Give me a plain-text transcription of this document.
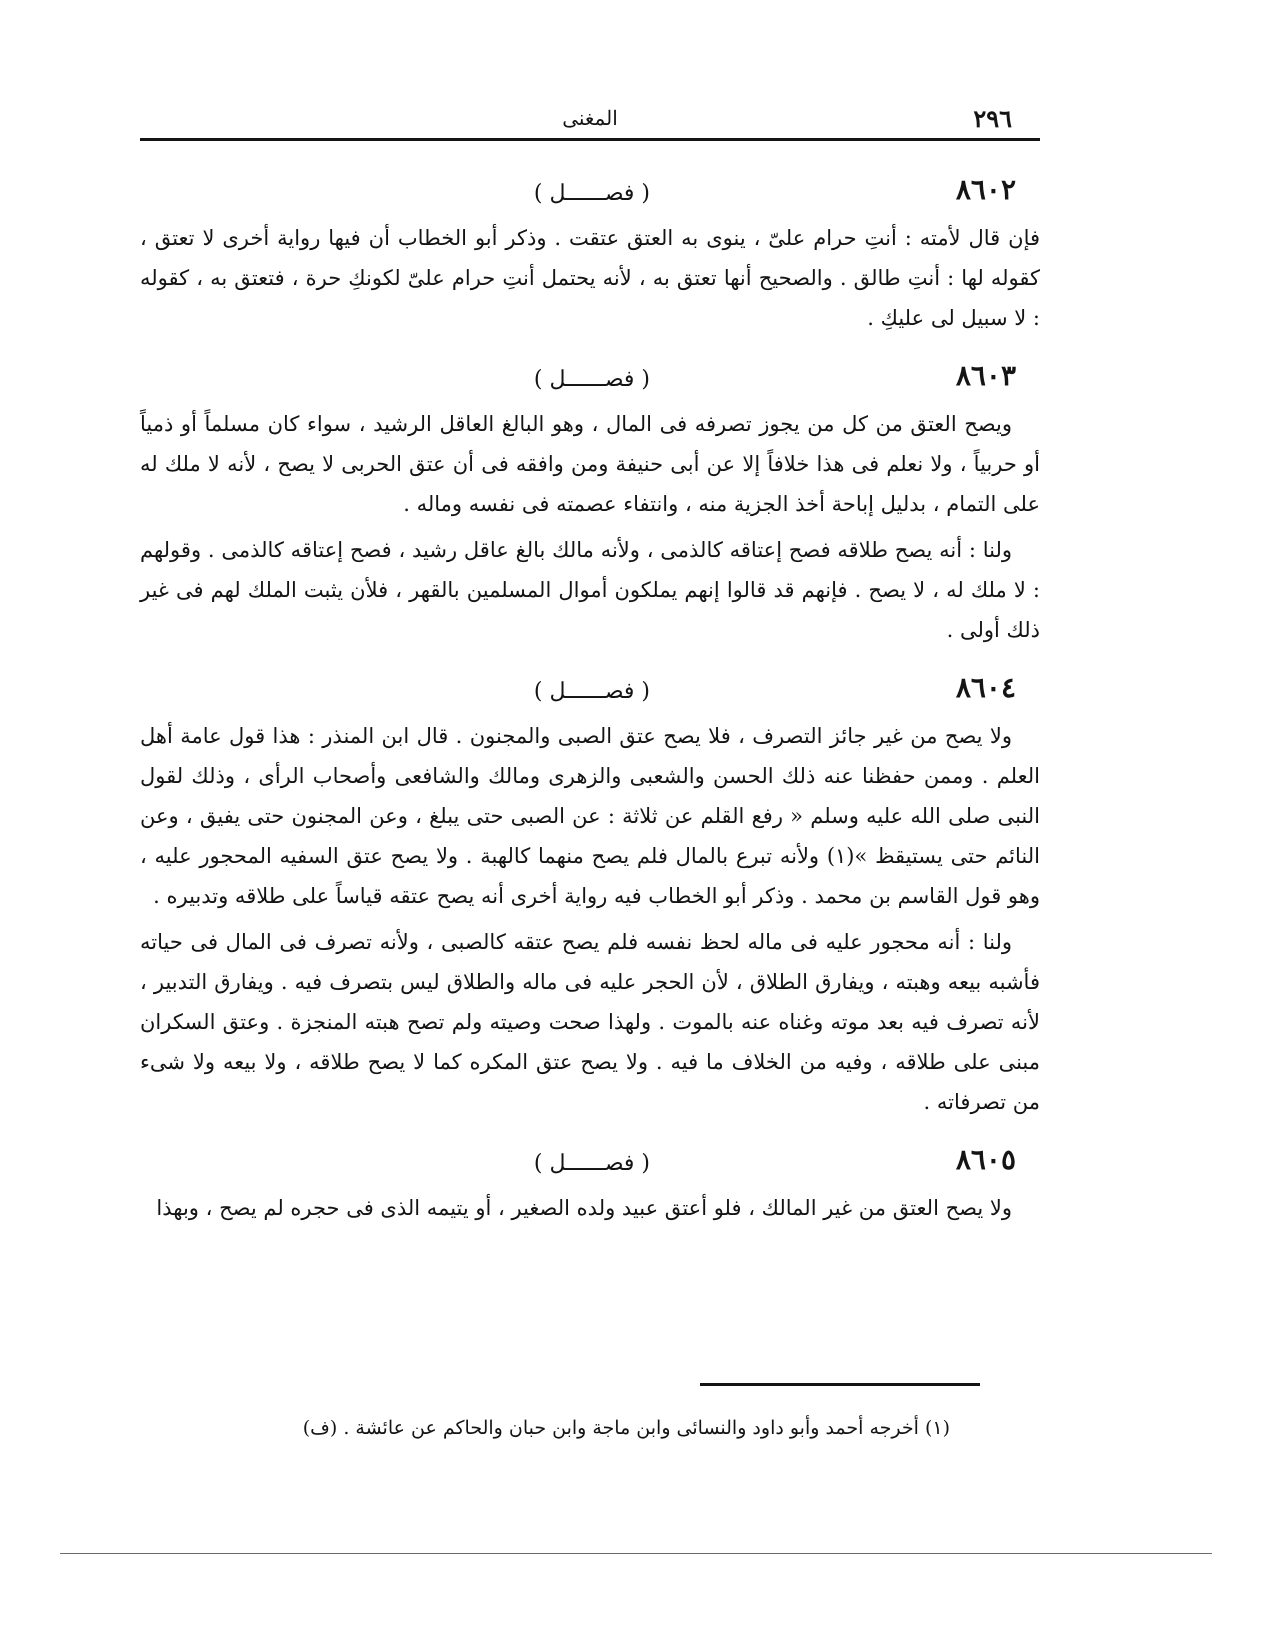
٢٩٦
المغنى
٨٦٠٢
( فصــــــل )

فإن قال لأمته : أنتِ حرام علىّ ، ينوى به العتق عتقت . وذكر أبو الخطاب أن فيها رواية أخرى لا تعتق ، كقوله لها : أنتِ طالق . والصحيح أنها تعتق به ، لأنه يحتمل أنتِ حرام علىّ لكونكِ حرة ، فتعتق به ، كقوله : لا سبيل لى عليكِ .

٨٦٠٣
( فصــــــل )

ويصح العتق من كل من يجوز تصرفه فى المال ، وهو البالغ العاقل الرشيد ، سواء كان مسلماً أو ذمياً أو حربياً ، ولا نعلم فى هذا خلافاً إلا عن أبى حنيفة ومن وافقه فى أن عتق الحربى لا يصح ، لأنه لا ملك له على التمام ، بدليل إباحة أخذ الجزية منه ، وانتفاء عصمته فى نفسه وماله .

ولنا : أنه يصح طلاقه فصح إعتاقه كالذمى ، ولأنه مالك بالغ عاقل رشيد ، فصح إعتاقه كالذمى . وقولهم : لا ملك له ، لا يصح . فإنهم قد قالوا إنهم يملكون أموال المسلمين بالقهر ، فلأن يثبت الملك لهم فى غير ذلك أولى .

٨٦٠٤
( فصــــــل )

ولا يصح من غير جائز التصرف ، فلا يصح عتق الصبى والمجنون . قال ابن المنذر : هذا قول عامة أهل العلم . وممن حفظنا عنه ذلك الحسن والشعبى والزهرى ومالك والشافعى وأصحاب الرأى ، وذلك لقول النبى صلى الله عليه وسلم « رفع القلم عن ثلاثة : عن الصبى حتى يبلغ ، وعن المجنون حتى يفيق ، وعن النائم حتى يستيقظ »(١) ولأنه تبرع بالمال فلم يصح منهما كالهبة . ولا يصح عتق السفيه المحجور عليه ، وهو قول القاسم بن محمد . وذكر أبو الخطاب فيه رواية أخرى أنه يصح عتقه قياساً على طلاقه وتدبيره .

ولنا : أنه محجور عليه فى ماله لحظ نفسه فلم يصح عتقه كالصبى ، ولأنه تصرف فى المال فى حياته فأشبه بيعه وهبته ، ويفارق الطلاق ، لأن الحجر عليه فى ماله والطلاق ليس بتصرف فيه . ويفارق التدبير ، لأنه تصرف فيه بعد موته وغناه عنه بالموت . ولهذا صحت وصيته ولم تصح هبته المنجزة . وعتق السكران مبنى على طلاقه ، وفيه من الخلاف ما فيه . ولا يصح عتق المكره كما لا يصح طلاقه ، ولا بيعه ولا شىء من تصرفاته .

٨٦٠٥
( فصــــــل )

ولا يصح العتق من غير المالك ، فلو أعتق عبيد ولده الصغير ، أو يتيمه الذى فى حجره لم يصح ، وبهذا

(١) أخرجه أحمد وأبو داود والنسائى وابن ماجة وابن حبان والحاكم عن عائشة . (ف)
